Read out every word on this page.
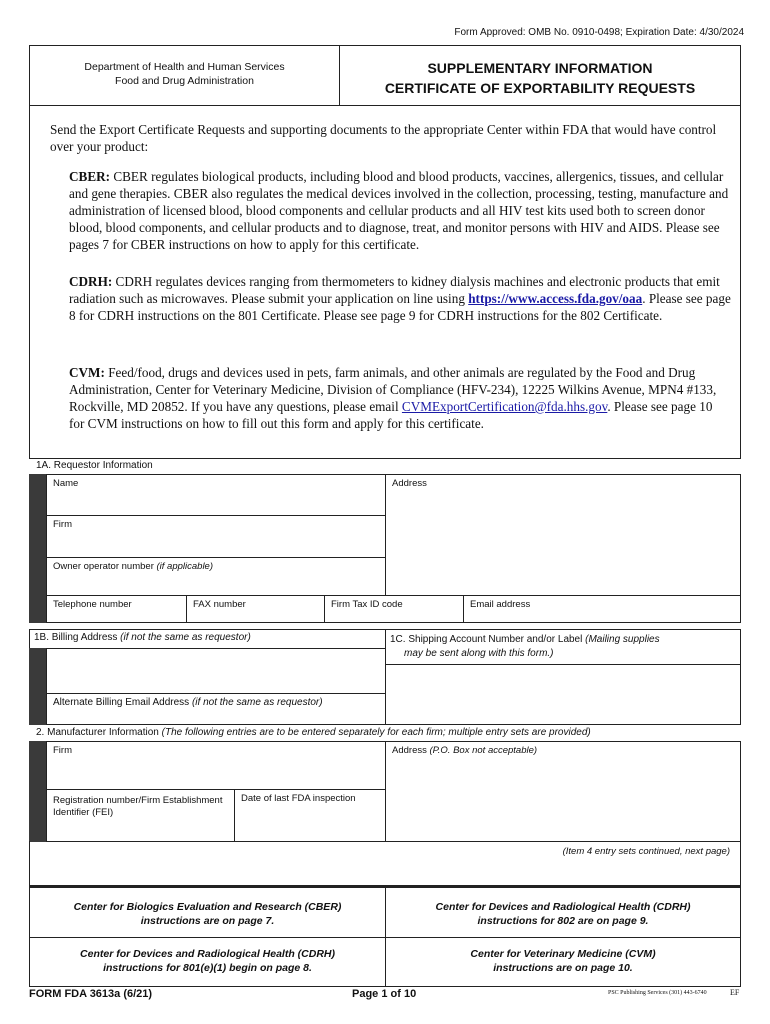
Form Approved: OMB No. 0910-0498; Expiration Date: 4/30/2024
Department of Health and Human Services
Food and Drug Administration
SUPPLEMENTARY INFORMATION
CERTIFICATE OF EXPORTABILITY REQUESTS
Send the Export Certificate Requests and supporting documents to the appropriate Center within FDA that would have control over your product:
CBER: CBER regulates biological products, including blood and blood products, vaccines, allergenics, tissues, and cellular and gene therapies. CBER also regulates the medical devices involved in the collection, processing, testing, manufacture and administration of licensed blood, blood components and cellular products and all HIV test kits used both to screen donor blood, blood components, and cellular products and to diagnose, treat, and monitor persons with HIV and AIDS. Please see pages 7 for CBER instructions on how to apply for this certificate.
CDRH: CDRH regulates devices ranging from thermometers to kidney dialysis machines and electronic products that emit radiation such as microwaves. Please submit your application on line using https://www.access.fda.gov/oaa. Please see page 8 for CDRH instructions on the 801 Certificate. Please see page 9 for CDRH instructions for the 802 Certificate.
CVM: Feed/food, drugs and devices used in pets, farm animals, and other animals are regulated by the Food and Drug Administration, Center for Veterinary Medicine, Division of Compliance (HFV-234), 12225 Wilkins Avenue, MPN4 #133, Rockville, MD 20852. If you have any questions, please email CVMExportCertification@fda.hhs.gov. Please see page 10 for CVM instructions on how to fill out this form and apply for this certificate.
1A. Requestor Information
Name	Address
Firm
Owner operator number (if applicable)
Telephone number	FAX number	Firm Tax ID code	Email address
1B. Billing Address (if not the same as requestor)
Alternate Billing Email Address (if not the same as requestor)
1C. Shipping Account Number and/or Label (Mailing supplies
may be sent along with this form.)
2. Manufacturer Information (The following entries are to be entered separately for each firm; multiple entry sets are provided)
Firm	Address (P.O. Box not acceptable)
Registration number/Firm Establishment Identifier (FEI)
Date of last FDA inspection
(Item 4 entry sets continued, next page)
Center for Biologics Evaluation and Research (CBER) instructions are on page 7.
Center for Devices and Radiological Health (CDRH) instructions for 802 are on page 9.
Center for Devices and Radiological Health (CDRH) instructions for 801(e)(1) begin on page 8.
Center for Veterinary Medicine (CVM) instructions are on page 10.
FORM FDA 3613a (6/21)	Page 1 of 10	PSC Publishing Services (301) 443-6740	EF
